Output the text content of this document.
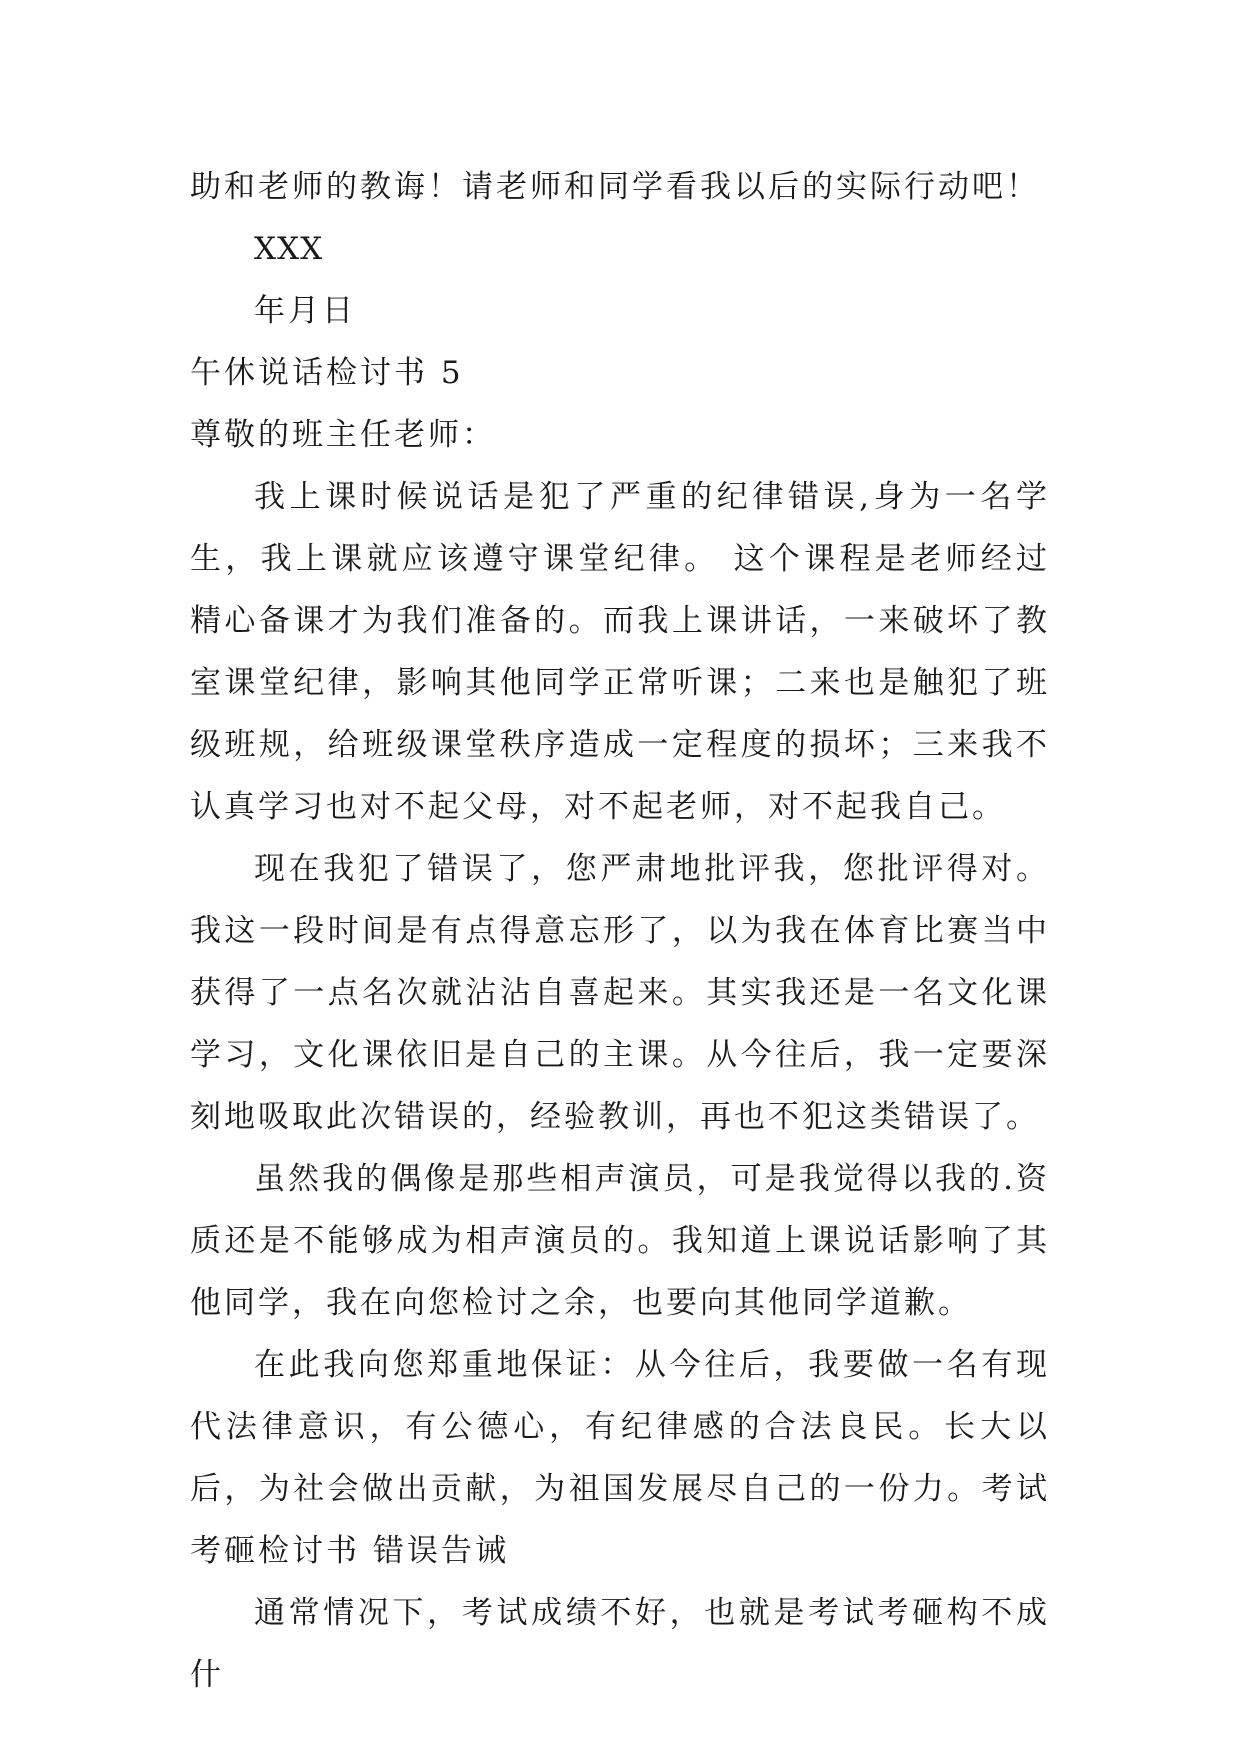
助和老师的教诲！请老师和同学看我以后的实际行动吧！
XXX
年月日
午休说话检讨书 5
尊敬的班主任老师：
我上课时候说话是犯了严重的纪律错误,身为一名学生，我上课就应该遵守课堂纪律。 这个课程是老师经过精心备课才为我们准备的。而我上课讲话，一来破坏了教室课堂纪律，影响其他同学正常听课；二来也是触犯了班级班规，给班级课堂秩序造成一定程度的损坏；三来我不认真学习也对不起父母，对不起老师，对不起我自己。
现在我犯了错误了，您严肃地批评我，您批评得对。我这一段时间是有点得意忘形了，以为我在体育比赛当中获得了一点名次就沾沾自喜起来。其实我还是一名文化课学习，文化课依旧是自己的主课。从今往后，我一定要深刻地吸取此次错误的，经验教训，再也不犯这类错误了。
虽然我的偶像是那些相声演员，可是我觉得以我的.资质还是不能够成为相声演员的。我知道上课说话影响了其他同学，我在向您检讨之余，也要向其他同学道歉。
在此我向您郑重地保证：从今往后，我要做一名有现代法律意识，有公德心，有纪律感的合法良民。长大以后，为社会做出贡献，为祖国发展尽自己的一份力。考试考砸检讨书 错误告诫
通常情况下，考试成绩不好，也就是考试考砸构不成什
